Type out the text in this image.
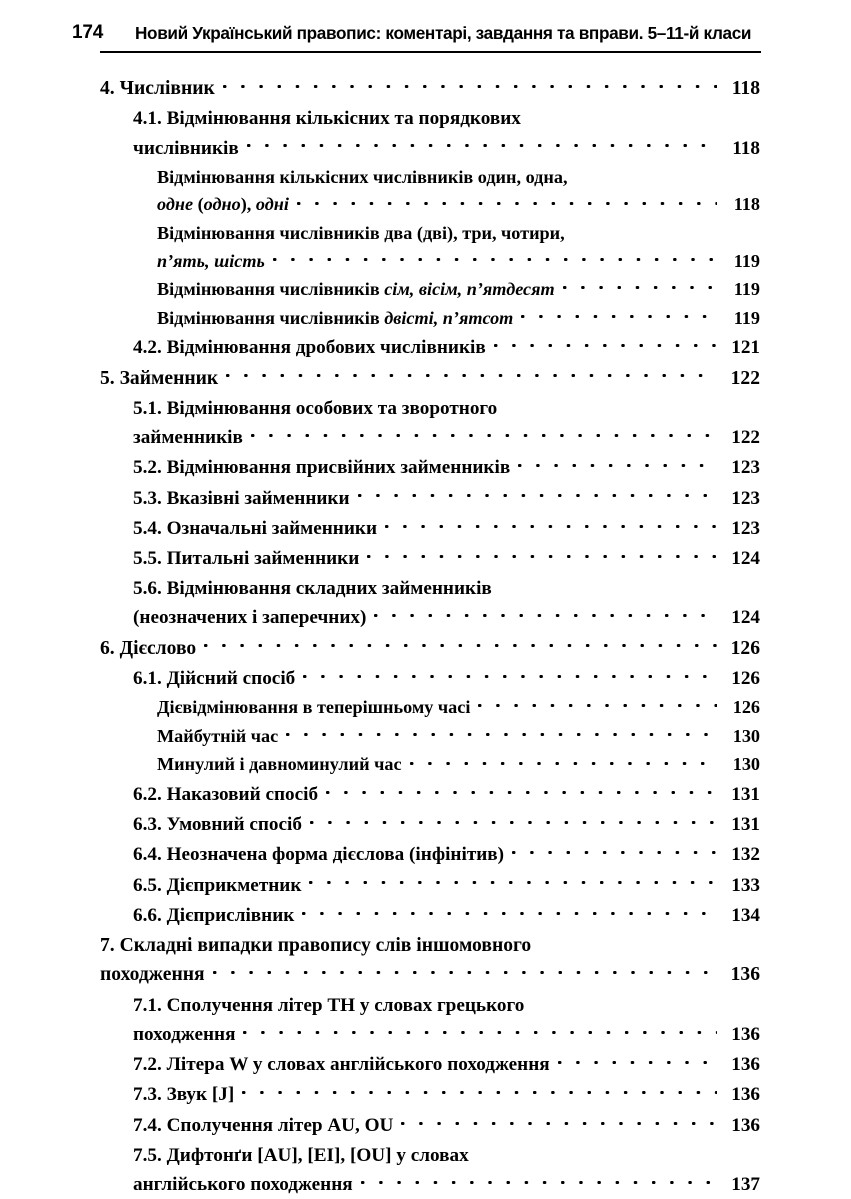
174 Новий Український правопис: коментарі, завдання та вправи. 5–11-й класи
4. Числівник	118
4.1. Відмінювання кількісних та порядкових
числівників	118
Відмінювання кількісних числівників один, одна,
одне (одно), одні	118
Відмінювання числівників два (дві), три, чотири,
п’ять, шість	119
Відмінювання числівників сім, вісім, п’ятдесят	119
Відмінювання числівників двісті, п’ятсот	119
4.2. Відмінювання дробових числівників	121
5. Займенник	122
5.1. Відмінювання особових та зворотного
займенників	122
5.2. Відмінювання присвійних займенників	123
5.3. Вказівні займенники	123
5.4. Означальні займенники	123
5.5. Питальні займенники	124
5.6. Відмінювання складних займенників
(неозначених і заперечних)	124
6. Дієслово	126
6.1. Дійсний спосіб	126
Дієвідмінювання в теперішньому часі	126
Майбутній час	130
Минулий і давноминулий час	130
6.2. Наказовий спосіб	131
6.3. Умовний спосіб	131
6.4. Неозначена форма дієслова (інфінітив)	132
6.5. Дієприкметник	133
6.6. Дієприслівник	134
7. Складні випадки правопису слів іншомовного
походження	136
7.1. Сполучення літер ТН у словах грецького
походження	136
7.2. Літера W у словах англійського походження	136
7.3. Звук [J]	136
7.4. Сполучення літер AU, OU	136
7.5. Дифтонґи [AU], [EI], [OU] у словах
англійського походження	137
